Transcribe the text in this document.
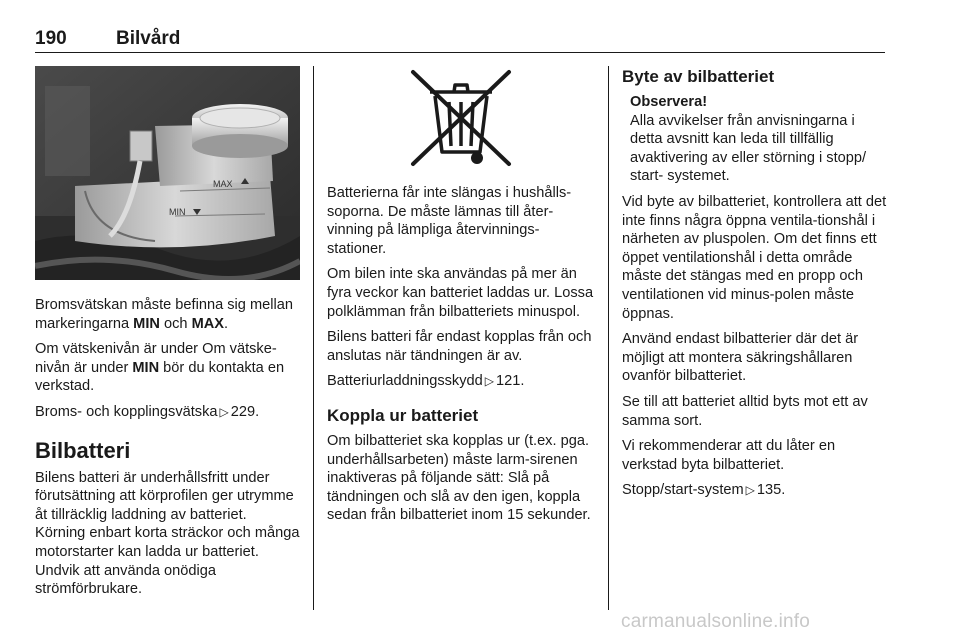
190	Bilvård
MAX
MIN

Bromsvätskan måste befinna sig mellan markeringarna MIN och MAX.

Om vätskenivån är under Om vätske-nivån är under MIN bör du kontakta en verkstad.

Broms- och kopplingsvätska ▷ 229.

Bilbatteri

Bilens batteri är underhållsfritt under förutsättning att körprofilen ger utrymme åt tillräcklig laddning av batteriet. Körning enbart korta sträckor och många motorstarter kan ladda ur batteriet. Undvik att använda onödiga strömförbrukare.

Batterierna får inte slängas i hushålls-soporna. De måste lämnas till åter-vinning på lämpliga återvinnings-stationer.

Om bilen inte ska användas på mer än fyra veckor kan batteriet laddas ur. Lossa polklämman från bilbatteriets minuspol.

Bilens batteri får endast kopplas från och anslutas när tändningen är av.

Batteriurladdningsskydd ▷ 121.

Koppla ur batteriet

Om bilbatteriet ska kopplas ur (t.ex. pga. underhållsarbeten) måste larm-sirenen inaktiveras på följande sätt: Slå på tändningen och slå av den igen, koppla sedan från bilbatteriet inom 15 sekunder.

Byte av bilbatteriet
Observera!
Alla avvikelser från anvisningarna i detta avsnitt kan leda till tillfällig avaktivering av eller störning i stopp/ start- systemet.

Vid byte av bilbatteriet, kontrollera att det inte finns några öppna ventila-tionshål i närheten av pluspolen. Om det finns ett öppet ventilationshål i detta område måste det stängas med en propp och ventilationen vid minus-polen måste öppnas.

Använd endast bilbatterier där det är möjligt att montera säkringshållaren ovanför bilbatteriet.

Se till att batteriet alltid byts mot ett av samma sort.

Vi rekommenderar att du låter en verkstad byta bilbatteriet.

Stopp/start-system ▷ 135.

carmanualsonline.info
